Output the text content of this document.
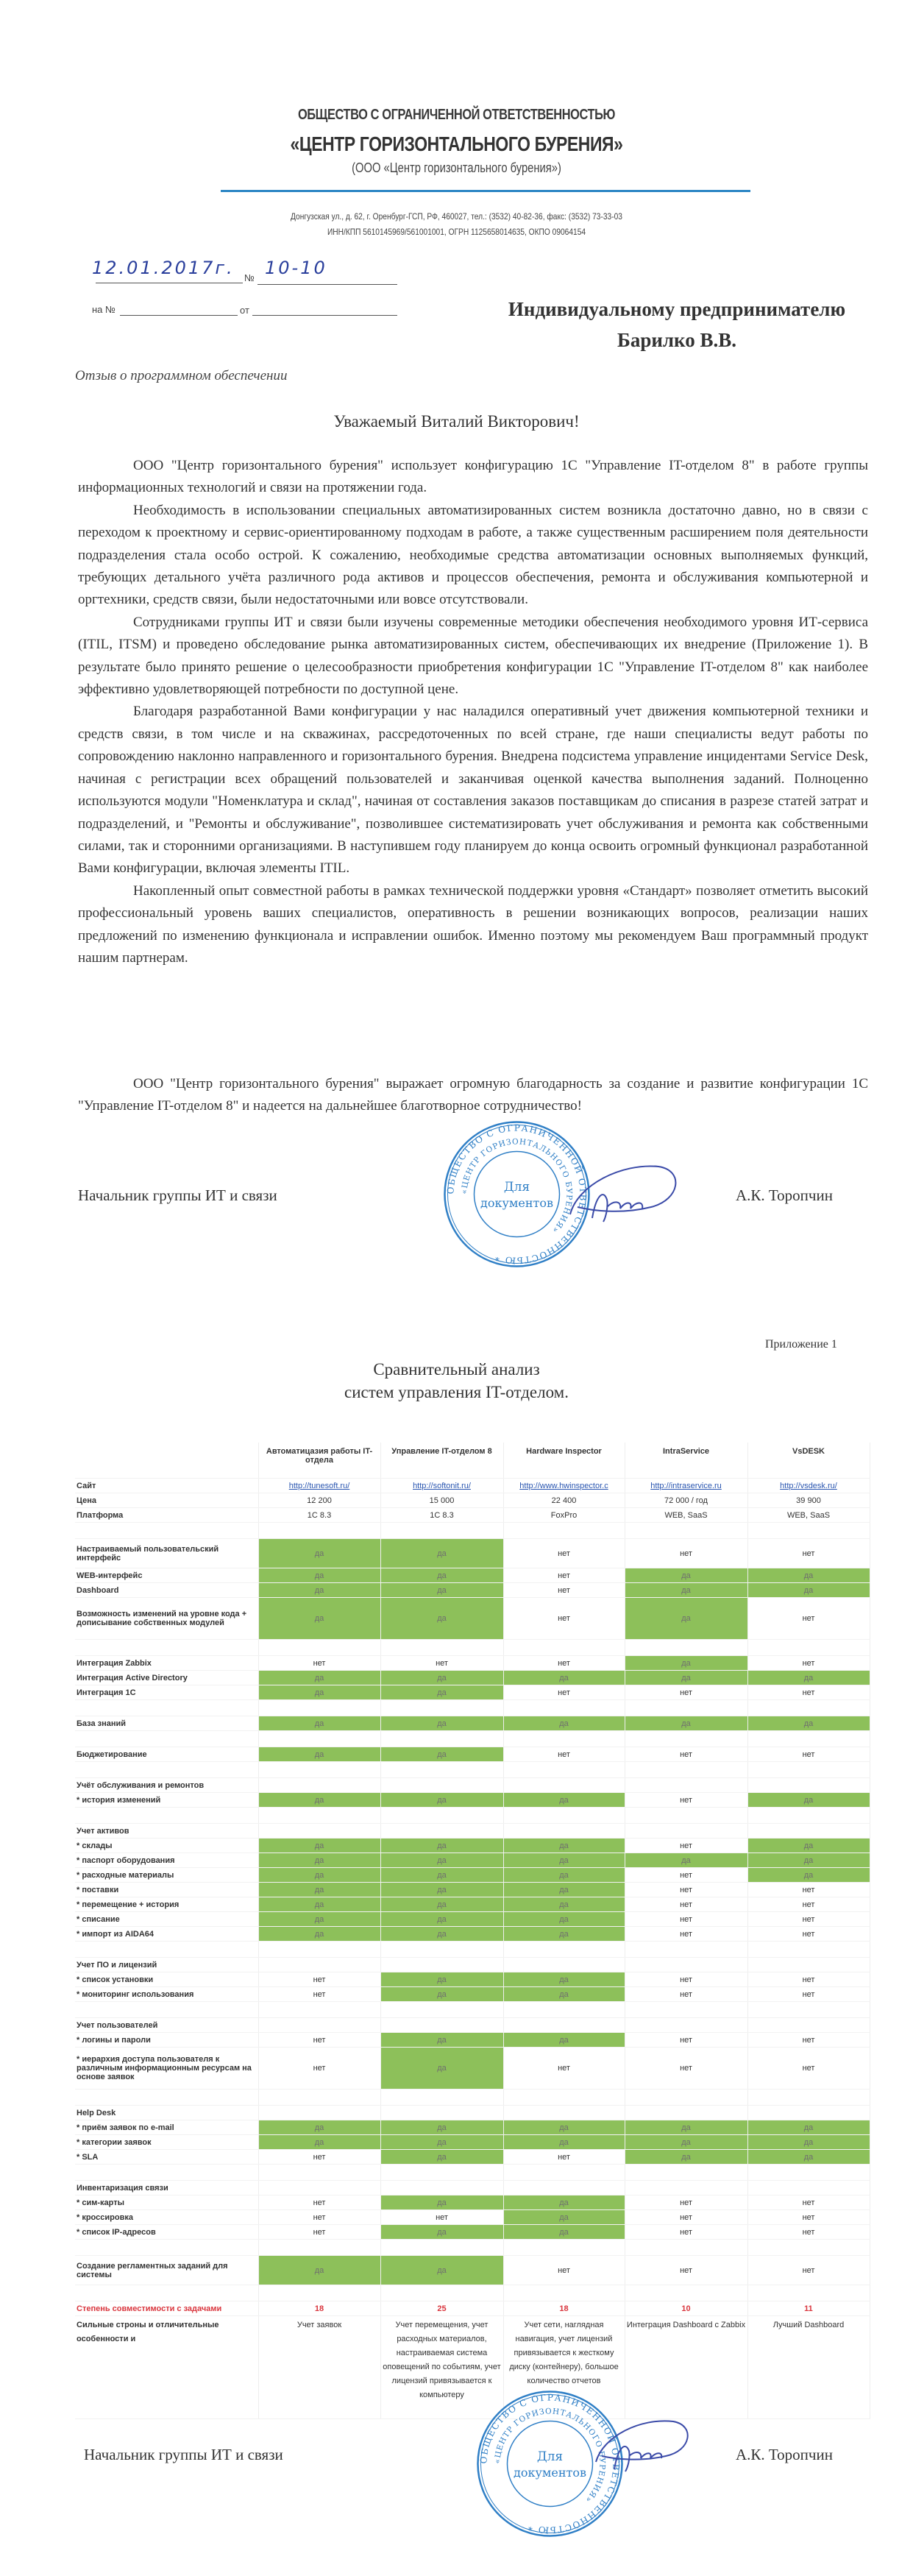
ОБЩЕСТВО С ОГРАНИЧЕННОЙ ОТВЕТСТВЕННОСТЬЮ
«ЦЕНТР ГОРИЗОНТАЛЬНОГО БУРЕНИЯ»
(ООО «Центр горизонтального бурения»)
Донгузская ул., д. 62, г. Оренбург-ГСП, РФ, 460027, тел.: (3532) 40-82-36, факс: (3532) 73-33-03
ИНН/КПП 5610145969/561001001, ОГРН 1125658014635, ОКПО 09064154
12.01.2017г. № 10-10
на №	от	Индивидуальному предпринимателю
Барилко В.В.
Отзыв о программном обеспечении
Уважаемый Виталий Викторович!

ООО "Центр горизонтального бурения" использует конфигурацию 1С "Управление IT-отделом 8" в работе группы информационных технологий и связи на протяжении года.

Необходимость в использовании специальных автоматизированных систем возникла достаточно давно, но в связи с переходом к проектному и сервис-ориентированному подходам в работе, а также существенным расширением поля деятельности подразделения стала особо острой. К сожалению, необходимые средства автоматизации основных выполняемых функций, требующих детального учёта различного рода активов и процессов обеспечения, ремонта и обслуживания компьютерной и оргтехники, средств связи, были недостаточными или вовсе отсутствовали.

Сотрудниками группы ИТ и связи были изучены современные методики обеспечения необходимого уровня ИТ-сервиса (ITIL, ITSM) и проведено обследование рынка автоматизированных систем, обеспечивающих их внедрение (Приложение 1). В результате было принято решение о целесообразности приобретения конфигурации 1С "Управление IT-отделом 8" как наиболее эффективно удовлетворяющей потребности по доступной цене.

Благодаря разработанной Вами конфигурации у нас наладился оперативный учет движения компьютерной техники и средств связи, в том числе и на скважинах, рассредоточенных по всей стране, где наши специалисты ведут работы по сопровождению наклонно направленного и горизонтального бурения. Внедрена подсистема управление инцидентами Service Desk, начиная с регистрации всех обращений пользователей и заканчивая оценкой качества выполнения заданий. Полноценно используются модули "Номенклатура и склад", начиная от составления заказов поставщикам до списания в разрезе статей затрат и подразделений, и "Ремонты и обслуживание", позволившее систематизировать учет обслуживания и ремонта как собственными силами, так и сторонними организациями. В наступившем году планируем до конца освоить огромный функционал разработанной Вами конфигурации, включая элементы ITIL.

Накопленный опыт совместной работы в рамках технической поддержки уровня «Стандарт» позволяет отметить высокий профессиональный уровень ваших специалистов, оперативность в решении возникающих вопросов, реализации наших предложений по изменению функционала и исправлении ошибок. Именно поэтому мы рекомендуем Ваш программный продукт нашим партнерам.

ООО "Центр горизонтального бурения" выражает огромную благодарность за создание и развитие конфигурации 1С "Управление IT-отделом 8" и надеется на дальнейшее благотворное сотрудничество!

Начальник группы ИТ и связи	А.К. Торопчин
ОБЩЕСТВО С ОГРАНИЧЕННОЙ ОТВЕТСТВЕННОСТЬЮ *
«ЦЕНТР ГОРИЗОНТАЛЬНОГО БУРЕНИЯ»
Для
документов
Приложение 1
Сравнительный анализ
систем управления IT-отделом.
	Автоматицазия работы IT-отдела	Управление IT-отделом 8	Hardware Inspector	IntraService	VsDESK
Сайт	http://tunesoft.ru/	http://softonit.ru/	http://www.hwinspector.c	http://intraservice.ru	http://vsdesk.ru/
Цена	12 200	15 000	22 400	72 000 / год	39 900
Платформа	1С 8.3	1С 8.3	FoxPro	WEB, SaaS	WEB, SaaS

Настраиваемый пользовательский интерфейс	да	да	нет	нет	нет
WEB-интерфейс	да	да	нет	да	да
Dashboard	да	да	нет	да	да
Возможность изменений на уровне кода + дописывание собственных модулей	да	да	нет	да	нет

Интеграция Zabbix	нет	нет	нет	да	нет
Интеграция Active Directory	да	да	да	да	да
Интеграция 1С	да	да	нет	нет	нет

База знаний	да	да	да	да	да

Бюджетирование	да	да	нет	нет	нет

Учёт обслуживания и ремонтов					
* история изменений	да	да	да	нет	да

Учет активов					
* склады	да	да	да	нет	да
* паспорт оборудования	да	да	да	да	да
* расходные материалы	да	да	да	нет	да
* поставки	да	да	да	нет	нет
* перемещение + история	да	да	да	нет	нет
* списание	да	да	да	нет	нет
* импорт из AIDA64	да	да	да	нет	нет

Учет ПО и лицензий					
* список установки	нет	да	да	нет	нет
* мониторинг использования	нет	да	да	нет	нет

Учет пользователей					
* логины и пароли	нет	да	да	нет	нет
* иерархия доступа пользователя к различным информационным ресурсам на основе заявок	нет	да	нет	нет	нет

Help Desk					
* приём заявок по e-mail	да	да	да	да	да
* категории заявок	да	да	да	да	да
* SLA	нет	да	нет	да	да

Инвентаризация связи					
* сим-карты	нет	да	да	нет	нет
* кроссировка	нет	нет	да	нет	нет
* список IP-адресов	нет	да	да	нет	нет

Создание регламентных заданий для системы	да	да	нет	нет	нет

Степень совместимости с задачами	18	25	18	10	11
Сильные строны и отличительные особенности и	Учет заявок	Учет перемещения, учет расходных материалов, настраиваемая система оповещений по событиям, учет лицензий привязывается к компьютеру	Учет сети, наглядная навигация, учет лицензий привязывается к жесткому диску (контейнеру), большое количество отчетов	Интеграция Dashboard с Zabbix	Лучший Dashboard
Начальник группы ИТ и связи	А.К. Торопчин
ОБЩЕСТВО С ОГРАНИЧЕННОЙ ОТВЕТСТВЕННОСТЬЮ *
«ЦЕНТР ГОРИЗОНТАЛЬНОГО БУРЕНИЯ»
Для
документов
